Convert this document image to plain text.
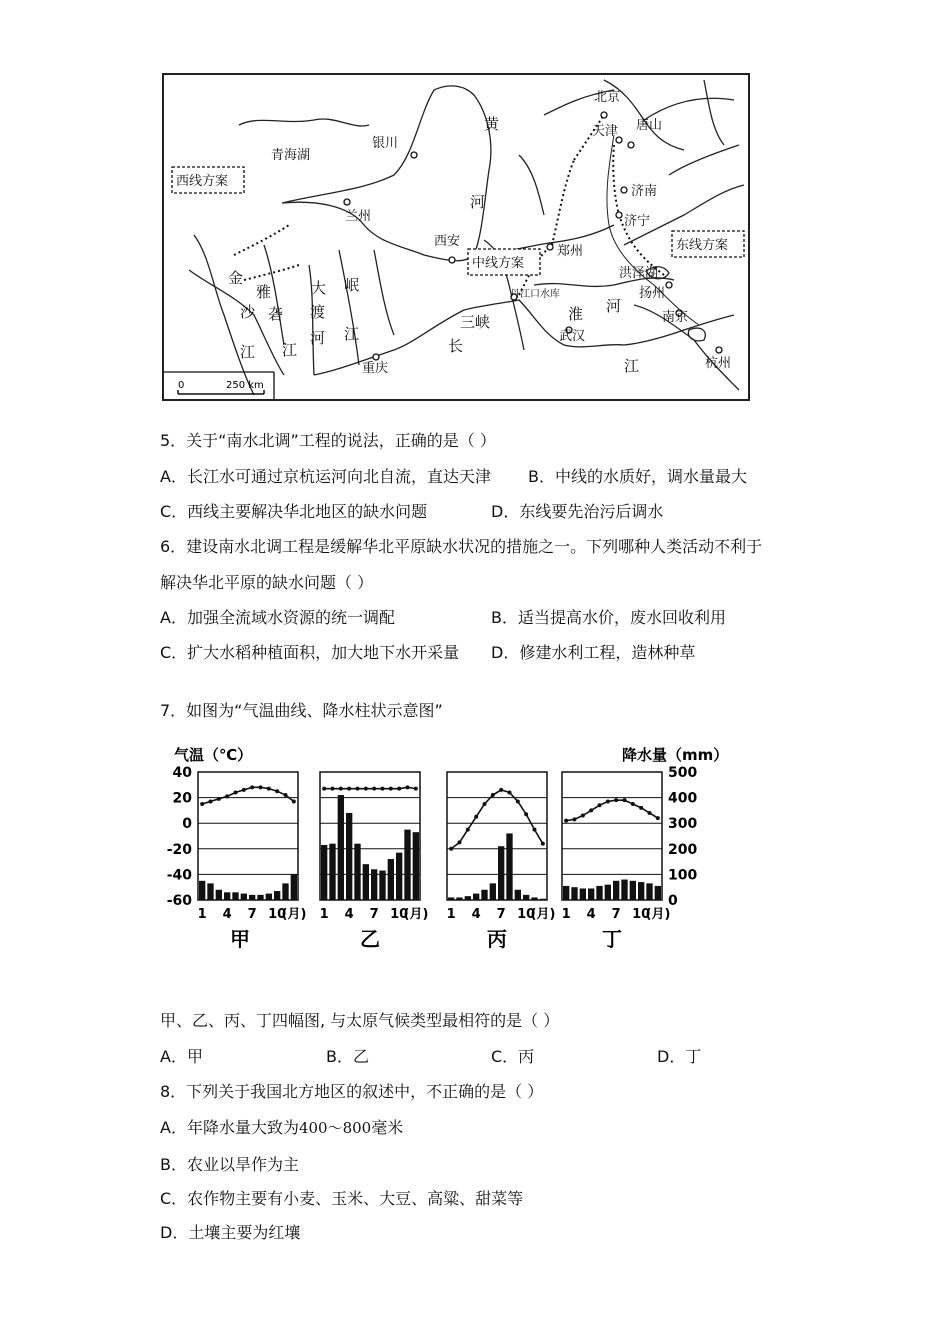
青海湖
西线方案
中线方案
东线方案
银川
兰州
西安
郑州
北京
天津 唐山
济南
济宁
洪泽湖
扬州
南京
杭州
武汉
重庆
丹江口水库
三峡
黄
河
淮 河
长
江
金
沙
江
雅
砻
江
大
渡
河
岷
江
0	250 km
5．关于“南水北调”工程的说法，正确的是（ ）
A．长江水可通过京杭运河向北自流，直达天津 B．中线的水质好，调水量最大
C．西线主要解决华北地区的缺水问题	D．东线要先治污后调水
6．建设南水北调工程是缓解华北平原缺水状况的措施之一。下列哪种人类活动不利于
解决华北平原的缺水问题（ ）
A．加强全流域水资源的统一调配	B．适当提高水价，废水回收利用
C．扩大水稻种植面积，加大地下水开采量 D．修建水利工程，造林种草
7．如图为“气温曲线、降水柱状示意图”
气温（℃）	降水量（mm）
40
20
0
-20
-40
-60
500
400
300
200
100
0
1 4 7 10
(月)
甲
1 4 7 10
(月)
乙
1 4 7 10
(月)
丙
1 4 7 10
(月)
丁
甲、乙、丙、丁四幅图, 与太原气候类型最相符的是（ ）
A．甲	B．乙	C．丙	D．丁
8．下列关于我国北方地区的叙述中，不正确的是（ ）
A．年降水量大致为400～800毫米
B．农业以旱作为主
C．农作物主要有小麦、玉米、大豆、高粱、甜菜等
D．土壤主要为红壤
